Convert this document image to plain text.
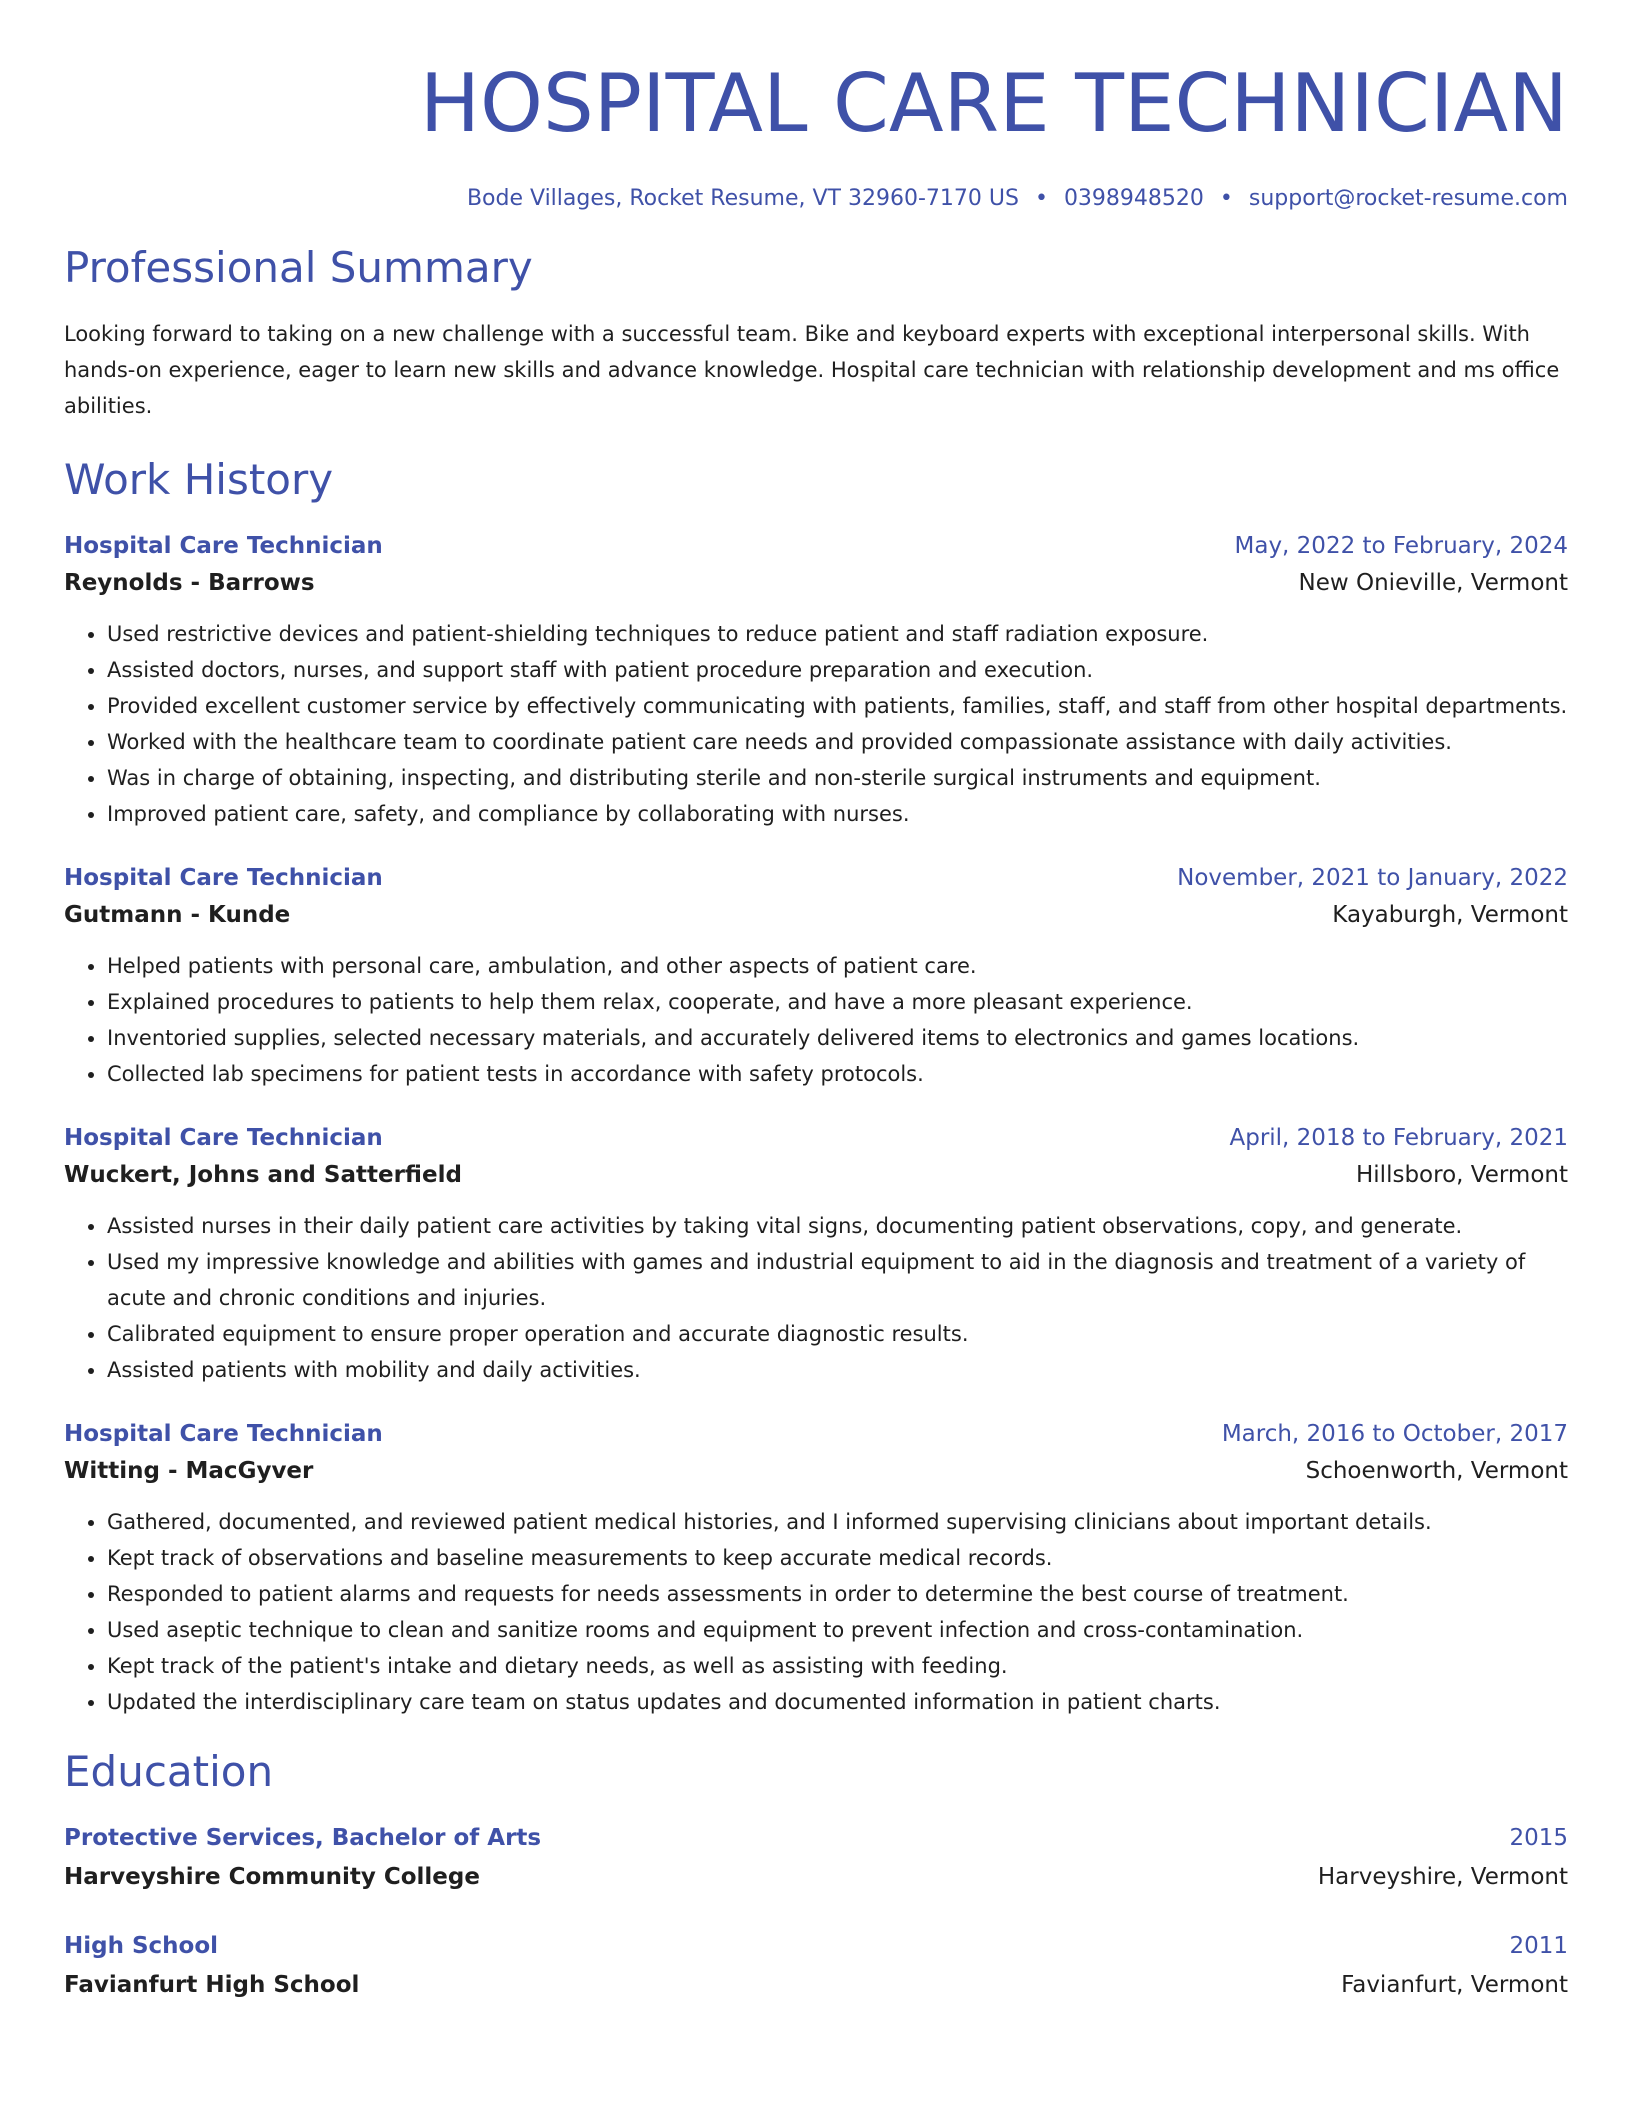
HOSPITAL CARE TECHNICIAN
Bode Villages, Rocket Resume, VT 32960-7170 US • 0398948520 • support@rocket-resume.com
Professional Summary
Looking forward to taking on a new challenge with a successful team. Bike and keyboard experts with exceptional interpersonal skills. With hands-on experience, eager to learn new skills and advance knowledge. Hospital care technician with relationship development and ms office abilities.
Work History
Hospital Care Technician	May, 2022 to February, 2024
Reynolds - Barrows	New Onieville, Vermont
• Used restrictive devices and patient-shielding techniques to reduce patient and staff radiation exposure.
• Assisted doctors, nurses, and support staff with patient procedure preparation and execution.
• Provided excellent customer service by effectively communicating with patients, families, staff, and staff from other hospital departments.
• Worked with the healthcare team to coordinate patient care needs and provided compassionate assistance with daily activities.
• Was in charge of obtaining, inspecting, and distributing sterile and non-sterile surgical instruments and equipment.
• Improved patient care, safety, and compliance by collaborating with nurses.
Hospital Care Technician	November, 2021 to January, 2022
Gutmann - Kunde	Kayaburgh, Vermont
• Helped patients with personal care, ambulation, and other aspects of patient care.
• Explained procedures to patients to help them relax, cooperate, and have a more pleasant experience.
• Inventoried supplies, selected necessary materials, and accurately delivered items to electronics and games locations.
• Collected lab specimens for patient tests in accordance with safety protocols.
Hospital Care Technician	April, 2018 to February, 2021
Wuckert, Johns and Satterfield	Hillsboro, Vermont
• Assisted nurses in their daily patient care activities by taking vital signs, documenting patient observations, copy, and generate.
• Used my impressive knowledge and abilities with games and industrial equipment to aid in the diagnosis and treatment of a variety of acute and chronic conditions and injuries.
• Calibrated equipment to ensure proper operation and accurate diagnostic results.
• Assisted patients with mobility and daily activities.
Hospital Care Technician	March, 2016 to October, 2017
Witting - MacGyver	Schoenworth, Vermont
• Gathered, documented, and reviewed patient medical histories, and I informed supervising clinicians about important details.
• Kept track of observations and baseline measurements to keep accurate medical records.
• Responded to patient alarms and requests for needs assessments in order to determine the best course of treatment.
• Used aseptic technique to clean and sanitize rooms and equipment to prevent infection and cross-contamination.
• Kept track of the patient's intake and dietary needs, as well as assisting with feeding.
• Updated the interdisciplinary care team on status updates and documented information in patient charts.
Education
Protective Services, Bachelor of Arts	2015
Harveyshire Community College	Harveyshire, Vermont
High School	2011
Favianfurt High School	Favianfurt, Vermont
